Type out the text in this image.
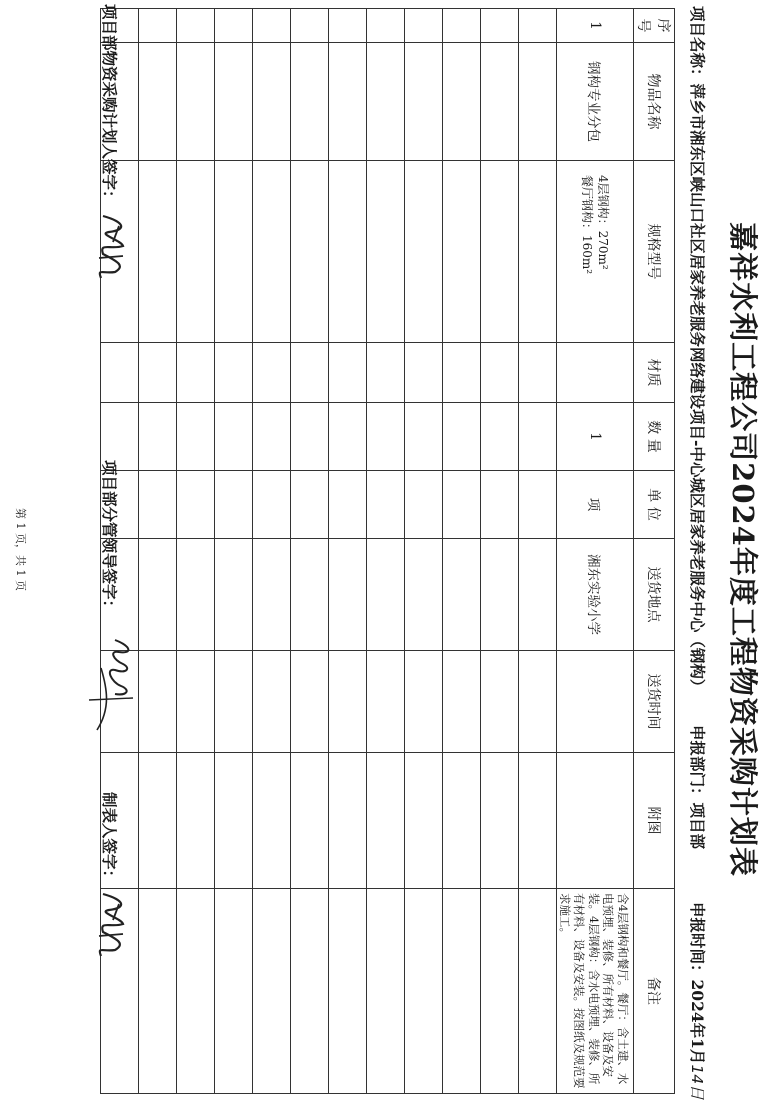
嘉祥水利工程公司2024年度工程物资采购计划表
项目名称：萍乡市湘东区峡山口社区居家养老服务网络建设项目-中心城区居家养老服务中心（钢构）
申报部门：项目部
申报时间：2024年1月14日
序号	物品名称	规格型号	材质	数 量	单 位	送货地点	送货时间	附图	备注
1	钢构专业分包	4层钢构：270m²
餐厅钢构：160m²		1	项	湘东实验小学			含4层钢构和餐厅。餐厅：含土建、水电预埋、装修、所有材料、设备及安装。4层钢构：含水电预埋、装修、所有材料、设备及安装。按图纸及规范要求施工。

项目部物资采购计划人签字：
项目部分管领导签字：
制表人签字：
第 1 页，共 1 页
